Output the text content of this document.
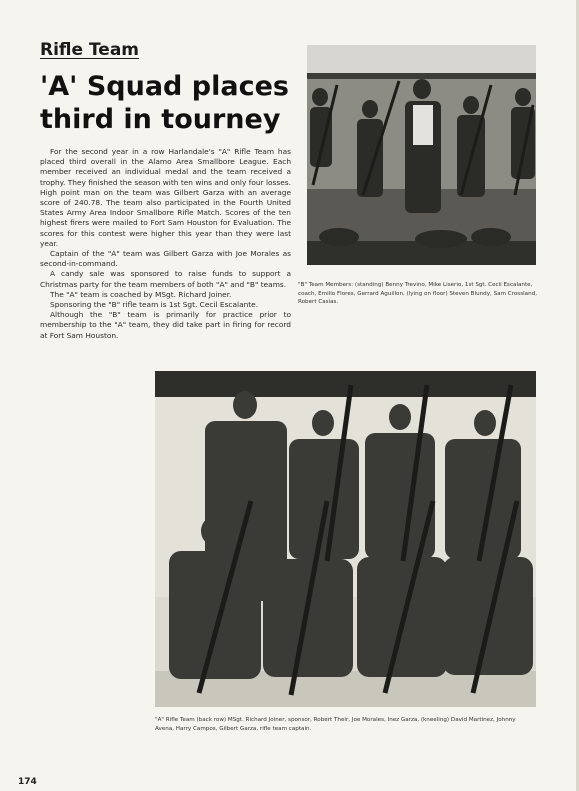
Rifle Team
'A' Squad places
third in tourney

For the second year in a row Harlandale's "A" Rifle Team has placed third overall in the Alamo Area Smallbore League. Each member received an individual medal and the team received a trophy. They finished the season with ten wins and only four losses. High point man on the team was Gilbert Garza with an average score of 240.78. The team also participated in the Fourth United States Army Area Indoor Smallbore Rifle Match. Scores of the ten highest firers were mailed to Fort Sam Houston for Evaluation. The scores for this contest were higher this year than they were last year.

Captain of the "A" team was Gilbert Garza with Joe Morales as second-in-command.

A candy sale was sponsored to raise funds to support a Christmas party for the team members of both "A" and "B" teams.

The "A" team is coached by MSgt. Richard Joiner.

Sponsoring the "B" rifle team is 1st Sgt. Cecil Escalante.

Although the "B" team is primarily for practice prior to membership to the "A" team, they did take part in firing for record at Fort Sam Houston.

"B" Team Members: (standing) Benny Trevino, Mike Liserio, 1st Sgt. Cecil Escalante, coach, Emilio Flores, Gerrard Aguillon, (lying on floor) Steven Blundy, Sam Crossland, Robert Casias.
"A" Rifle Team (back row) MSgt. Richard Joiner, sponsor, Robert Their, Joe Morales, Inez Garza, (kneeling) David Martinez, Johnny Avena, Harry Campos, Gilbert Garza, rifle team captain.
174
